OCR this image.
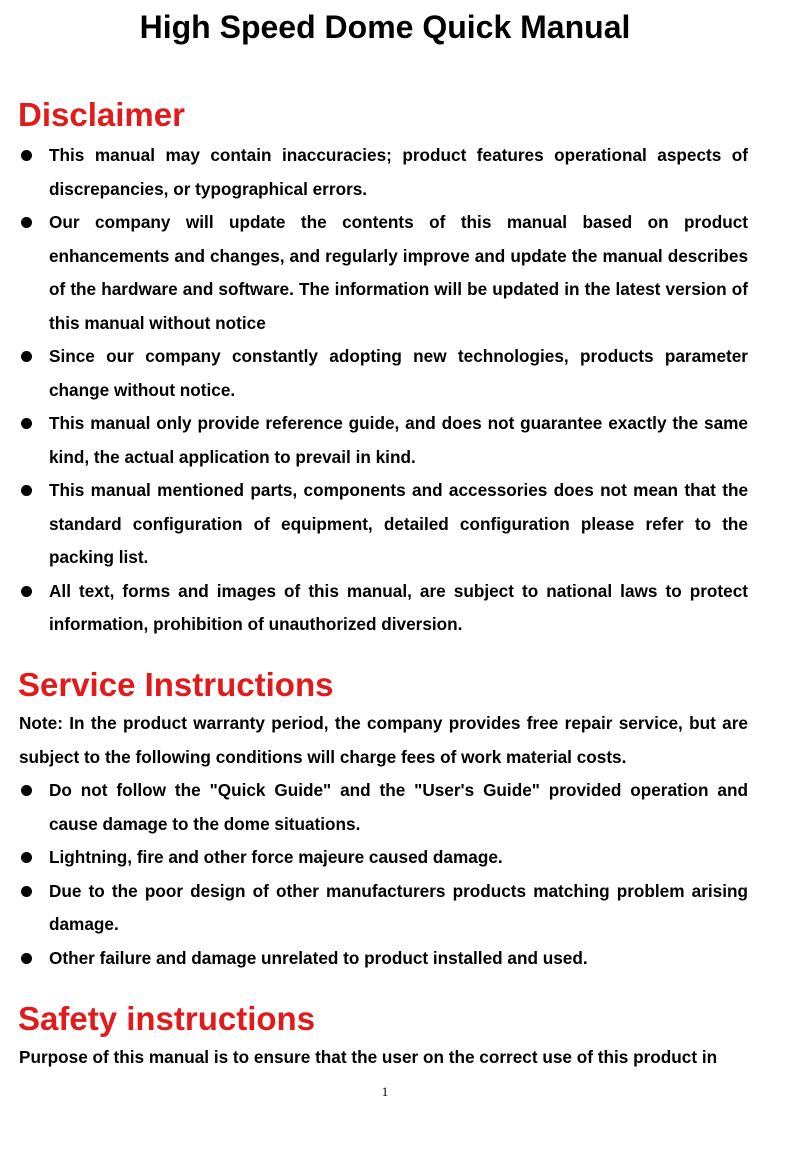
High Speed Dome Quick Manual
Disclaimer
This manual may contain inaccuracies; product features operational aspects of discrepancies, or typographical errors.
Our company will update the contents of this manual based on product enhancements and changes, and regularly improve and update the manual describes of the hardware and software. The information will be updated in the latest version of this manual without notice
Since our company constantly adopting new technologies, products parameter change without notice.
This manual only provide reference guide, and does not guarantee exactly the same kind, the actual application to prevail in kind.
This manual mentioned parts, components and accessories does not mean that the standard configuration of equipment, detailed configuration please refer to the packing list.
All text, forms and images of this manual, are subject to national laws to protect information, prohibition of unauthorized diversion.
Service Instructions

Note: In the product warranty period, the company provides free repair service, but are subject to the following conditions will charge fees of work material costs.

Do not follow the "Quick Guide" and the "User's Guide" provided operation and cause damage to the dome situations.
Lightning, fire and other force majeure caused damage.
Due to the poor design of other manufacturers products matching problem arising damage.
Other failure and damage unrelated to product installed and used.
Safety instructions

Purpose of this manual is to ensure that the user on the correct use of this product in

1
